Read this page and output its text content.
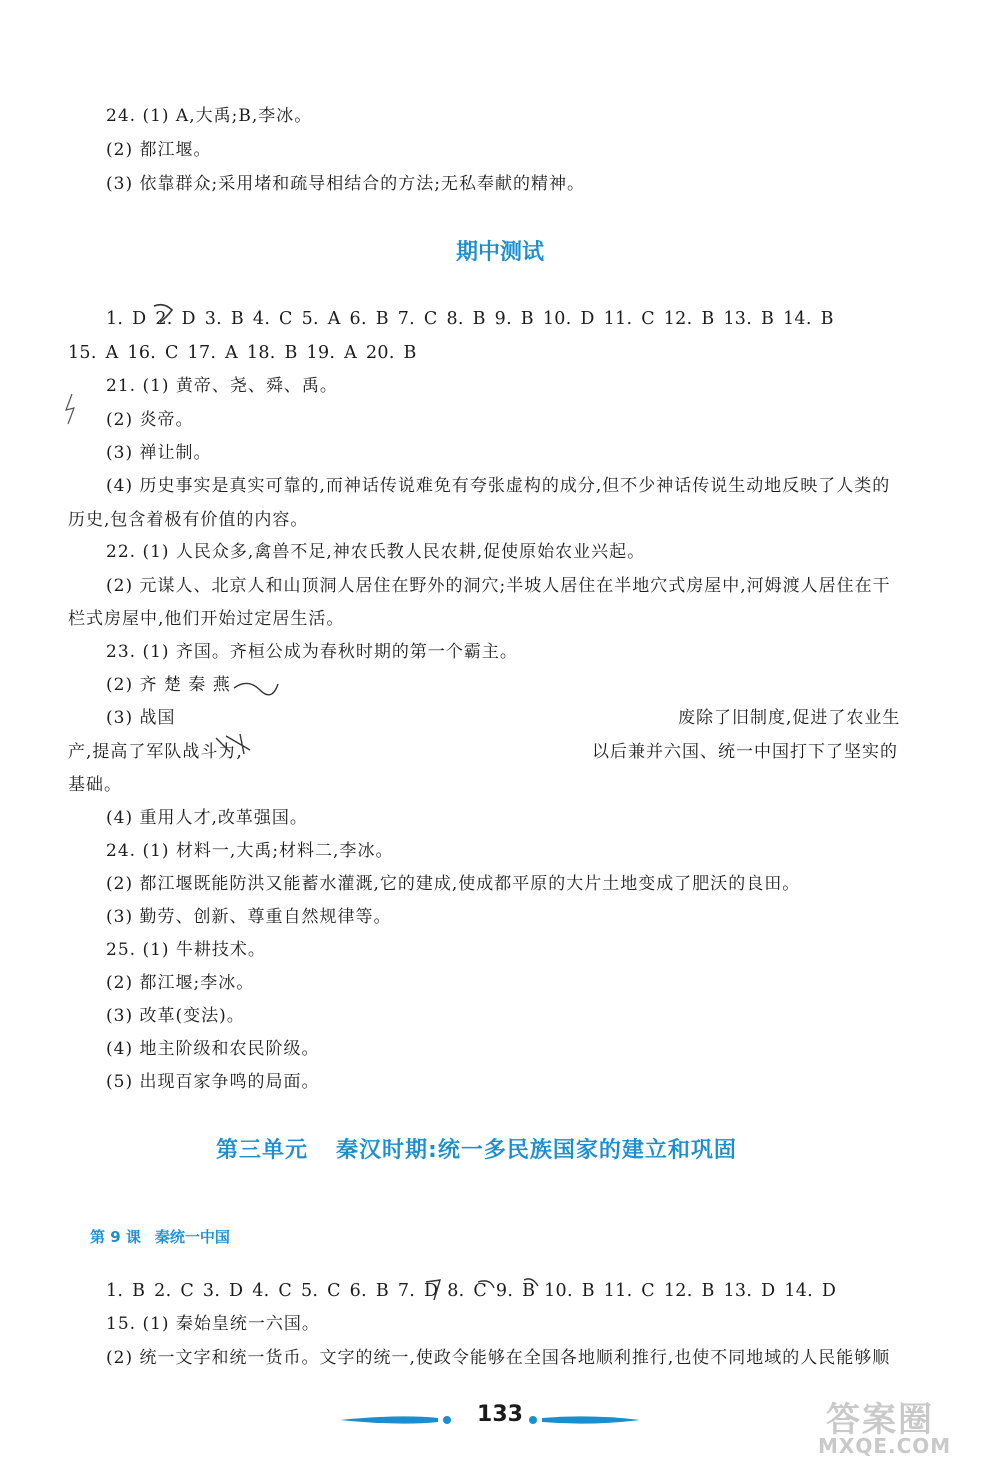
24. (1) A,大禹;B,李冰。
(2) 都江堰。
(3) 依靠群众;采用堵和疏导相结合的方法;无私奉献的精神。
期中测试
1. D 2. D 3. B 4. C 5. A 6. B 7. C 8. B 9. B 10. D 11. C 12. B 13. B 14. B
15. A 16. C 17. A 18. B 19. A 20. B
21. (1) 黄帝、尧、舜、禹。
(2) 炎帝。
(3) 禅让制。
(4) 历史事实是真实可靠的,而神话传说难免有夸张虚构的成分,但不少神话传说生动地反映了人类的
历史,包含着极有价值的内容。
22. (1) 人民众多,禽兽不足,神农氏教人民农耕,促使原始农业兴起。
(2) 元谋人、北京人和山顶洞人居住在野外的洞穴;半坡人居住在半地穴式房屋中,河姆渡人居住在干
栏式房屋中,他们开始过定居生活。
23. (1) 齐国。齐桓公成为春秋时期的第一个霸主。
(2) 齐 楚 秦 燕
(3) 战国	废除了旧制度,促进了农业生
产,提高了军队战斗力,	以后兼并六国、统一中国打下了坚实的
基础。
(4) 重用人才,改革强国。
24. (1) 材料一,大禹;材料二,李冰。
(2) 都江堰既能防洪又能蓄水灌溉,它的建成,使成都平原的大片土地变成了肥沃的良田。
(3) 勤劳、创新、尊重自然规律等。
25. (1) 牛耕技术。
(2) 都江堰;李冰。
(3) 改革(变法)。
(4) 地主阶级和农民阶级。
(5) 出现百家争鸣的局面。
第三单元 秦汉时期:统一多民族国家的建立和巩固
第 9 课 秦统一中国
1. B 2. C 3. D 4. C 5. C 6. B 7. D 8. C 9. B 10. B 11. C 12. B 13. D 14. D
15. (1) 秦始皇统一六国。
(2) 统一文字和统一货币。文字的统一,使政令能够在全国各地顺利推行,也使不同地域的人民能够顺
133	答案圈
MXQE.COM
